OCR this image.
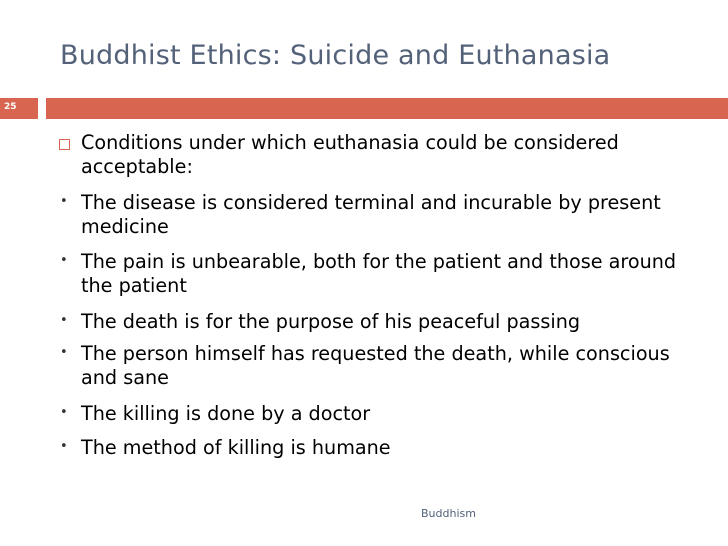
Buddhist Ethics: Suicide and Euthanasia
25
Conditions under which euthanasia could be considered acceptable:
• The disease is considered terminal and incurable by present medicine
• The pain is unbearable, both for the patient and those around the patient
• The death is for the purpose of his peaceful passing
• The person himself has requested the death, while conscious and sane
• The killing is done by a doctor
• The method of killing is humane
Buddhism
